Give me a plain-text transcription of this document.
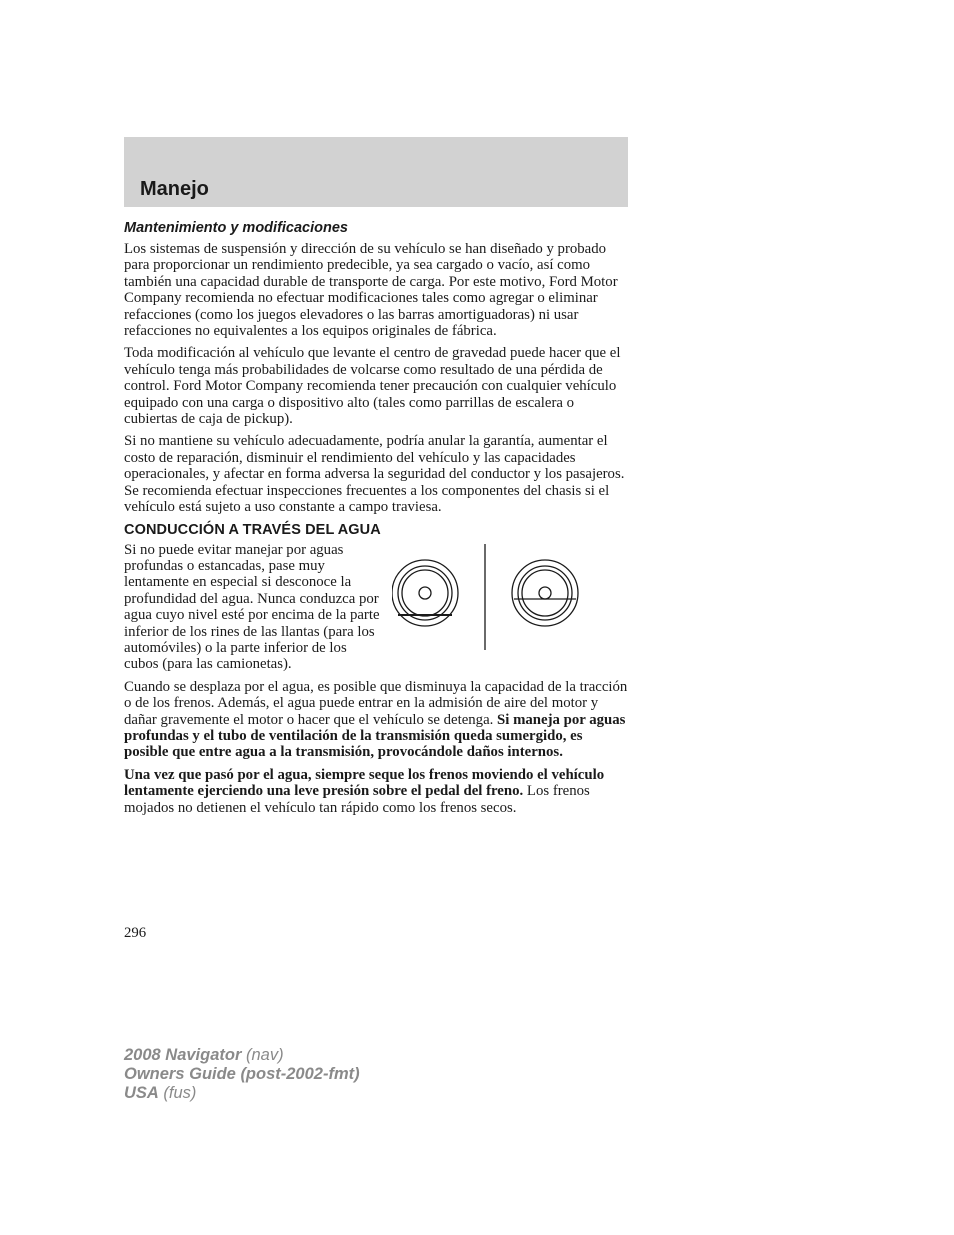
Manejo
Mantenimiento y modificaciones

Los sistemas de suspensión y dirección de su vehículo se han diseñado y probado para proporcionar un rendimiento predecible, ya sea cargado o vacío, así como también una capacidad durable de transporte de carga. Por este motivo, Ford Motor Company recomienda no efectuar modificaciones tales como agregar o eliminar refacciones (como los juegos elevadores o las barras amortiguadoras) ni usar refacciones no equivalentes a los equipos originales de fábrica.

Toda modificación al vehículo que levante el centro de gravedad puede hacer que el vehículo tenga más probabilidades de volcarse como resultado de una pérdida de control. Ford Motor Company recomienda tener precaución con cualquier vehículo equipado con una carga o dispositivo alto (tales como parrillas de escalera o cubiertas de caja de pickup).

Si no mantiene su vehículo adecuadamente, podría anular la garantía, aumentar el costo de reparación, disminuir el rendimiento del vehículo y las capacidades operacionales, y afectar en forma adversa la seguridad del conductor y los pasajeros. Se recomienda efectuar inspecciones frecuentes a los componentes del chasis si el vehículo está sujeto a uso constante a campo traviesa.

CONDUCCIÓN A TRAVÉS DEL AGUA

Si no puede evitar manejar por aguas profundas o estancadas, pase muy lentamente en especial si desconoce la profundidad del agua. Nunca conduzca por agua cuyo nivel esté por encima de la parte inferior de los rines de las llantas (para los automóviles) o la parte inferior de los cubos (para las camionetas).

Cuando se desplaza por el agua, es posible que disminuya la capacidad de la tracción o de los frenos. Además, el agua puede entrar en la admisión de aire del motor y dañar gravemente el motor o hacer que el vehículo se detenga. Si maneja por aguas profundas y el tubo de ventilación de la transmisión queda sumergido, es posible que entre agua a la transmisión, provocándole daños internos.

Una vez que pasó por el agua, siempre seque los frenos moviendo el vehículo lentamente ejerciendo una leve presión sobre el pedal del freno. Los frenos mojados no detienen el vehículo tan rápido como los frenos secos.

296

2008 Navigator (nav)
Owners Guide (post-2002-fmt)
USA (fus)
